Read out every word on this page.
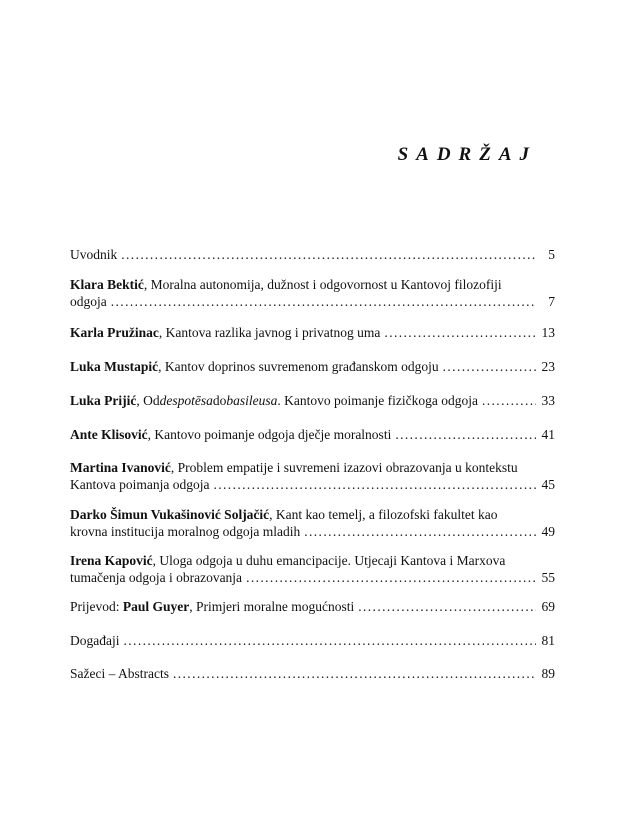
SADRŽAJ
Uvodnik .....	5
Klara Bektić , Moralna autonomija, dužnost i odgovornost u Kantovoj filozofiji
odgoja .....	7
Karla Pružinac , Kantova razlika javnog i privatnog uma .....	13
Luka Mustapić , Kantov doprinos suvremenom građanskom odgoju .....	23
Luka Prijić , Od despotēsa do basileusa . Kantovo poimanje fizičkoga odgoja .....	33
Ante Klisović , Kantovo poimanje odgoja dječje moralnosti .....	41
Martina Ivanović , Problem empatije i suvremeni izazovi obrazovanja u kontekstu
Kantova poimanja odgoja .....	45
Darko Šimun Vukašinović Soljačić , Kant kao temelj, a filozofski fakultet kao
krovna institucija moralnog odgoja mladih .....	49
Irena Kapović , Uloga odgoja u duhu emancipacije. Utjecaji Kantova i Marxova
tumačenja odgoja i obrazovanja .....	55
Prijevod: Paul Guyer , Primjeri moralne mogućnosti .....	69
Događaji .....	81
Sažeci – Abstracts .....	89
